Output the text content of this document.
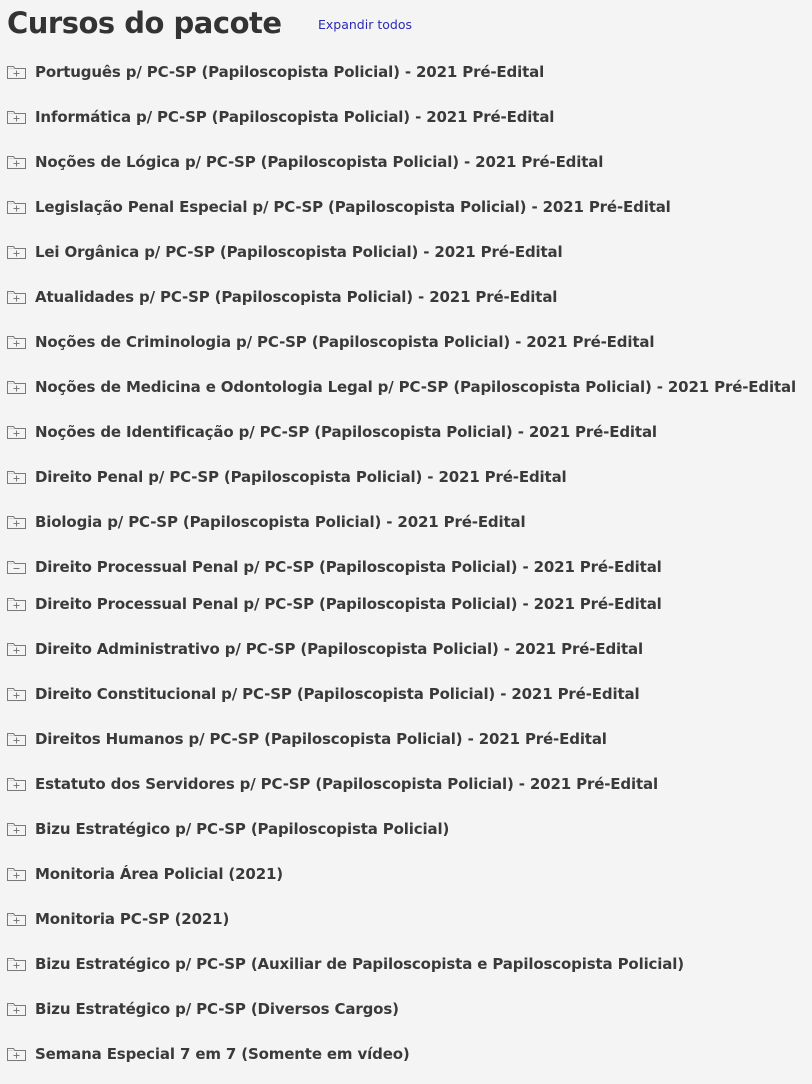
Cursos do pacote	Expandir todos
Português p/ PC-SP (Papiloscopista Policial) - 2021 Pré-Edital
Informática p/ PC-SP (Papiloscopista Policial) - 2021 Pré-Edital
Noções de Lógica p/ PC-SP (Papiloscopista Policial) - 2021 Pré-Edital
Legislação Penal Especial p/ PC-SP (Papiloscopista Policial) - 2021 Pré-Edital
Lei Orgânica p/ PC-SP (Papiloscopista Policial) - 2021 Pré-Edital
Atualidades p/ PC-SP (Papiloscopista Policial) - 2021 Pré-Edital
Noções de Criminologia p/ PC-SP (Papiloscopista Policial) - 2021 Pré-Edital
Noções de Medicina e Odontologia Legal p/ PC-SP (Papiloscopista Policial) - 2021 Pré-Edital
Noções de Identificação p/ PC-SP (Papiloscopista Policial) - 2021 Pré-Edital
Direito Penal p/ PC-SP (Papiloscopista Policial) - 2021 Pré-Edital
Biologia p/ PC-SP (Papiloscopista Policial) - 2021 Pré-Edital
Direito Processual Penal p/ PC-SP (Papiloscopista Policial) - 2021 Pré-Edital
Direito Processual Penal p/ PC-SP (Papiloscopista Policial) - 2021 Pré-Edital
Direito Administrativo p/ PC-SP (Papiloscopista Policial) - 2021 Pré-Edital
Direito Constitucional p/ PC-SP (Papiloscopista Policial) - 2021 Pré-Edital
Direitos Humanos p/ PC-SP (Papiloscopista Policial) - 2021 Pré-Edital
Estatuto dos Servidores p/ PC-SP (Papiloscopista Policial) - 2021 Pré-Edital
Bizu Estratégico p/ PC-SP (Papiloscopista Policial)
Monitoria Área Policial (2021)
Monitoria PC-SP (2021)
Bizu Estratégico p/ PC-SP (Auxiliar de Papiloscopista e Papiloscopista Policial)
Bizu Estratégico p/ PC-SP (Diversos Cargos)
Semana Especial 7 em 7 (Somente em vídeo)
